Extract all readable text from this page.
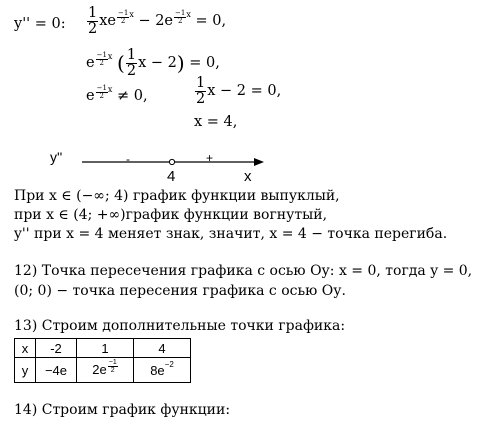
y'' = 0: $\frac{1}{2}$ xe $\frac{-1}{2} ^x - 2e \frac{-1}{2} ^x = 0$,
e $\frac{-1}{2} ^x$ ( $\frac{1}{2}$ x − 2) = 0,
e $\frac{-1}{2} ^x \ne 0$,	$\frac{1}{2}$ x − 2 = 0,
x = 4,
y''	-	+
4	x
При x ∈ (−∞; 4) график функции выпуклый,
при x ∈ (4; +∞)график функции вогнутый,
y'' при x = 4 меняет знак, значит, x = 4 − точка перегиба.
12) Точка пересечения графика с осью Оу: x = 0, тогда y = 0,
(0; 0) − точка пересения графика с осью Оу.
13) Строим дополнительные точки графика:
x	-2	1	4
y	−4e	$2e \frac{-1}{2}$	$8e^{-2}$
14) Строим график функции:
